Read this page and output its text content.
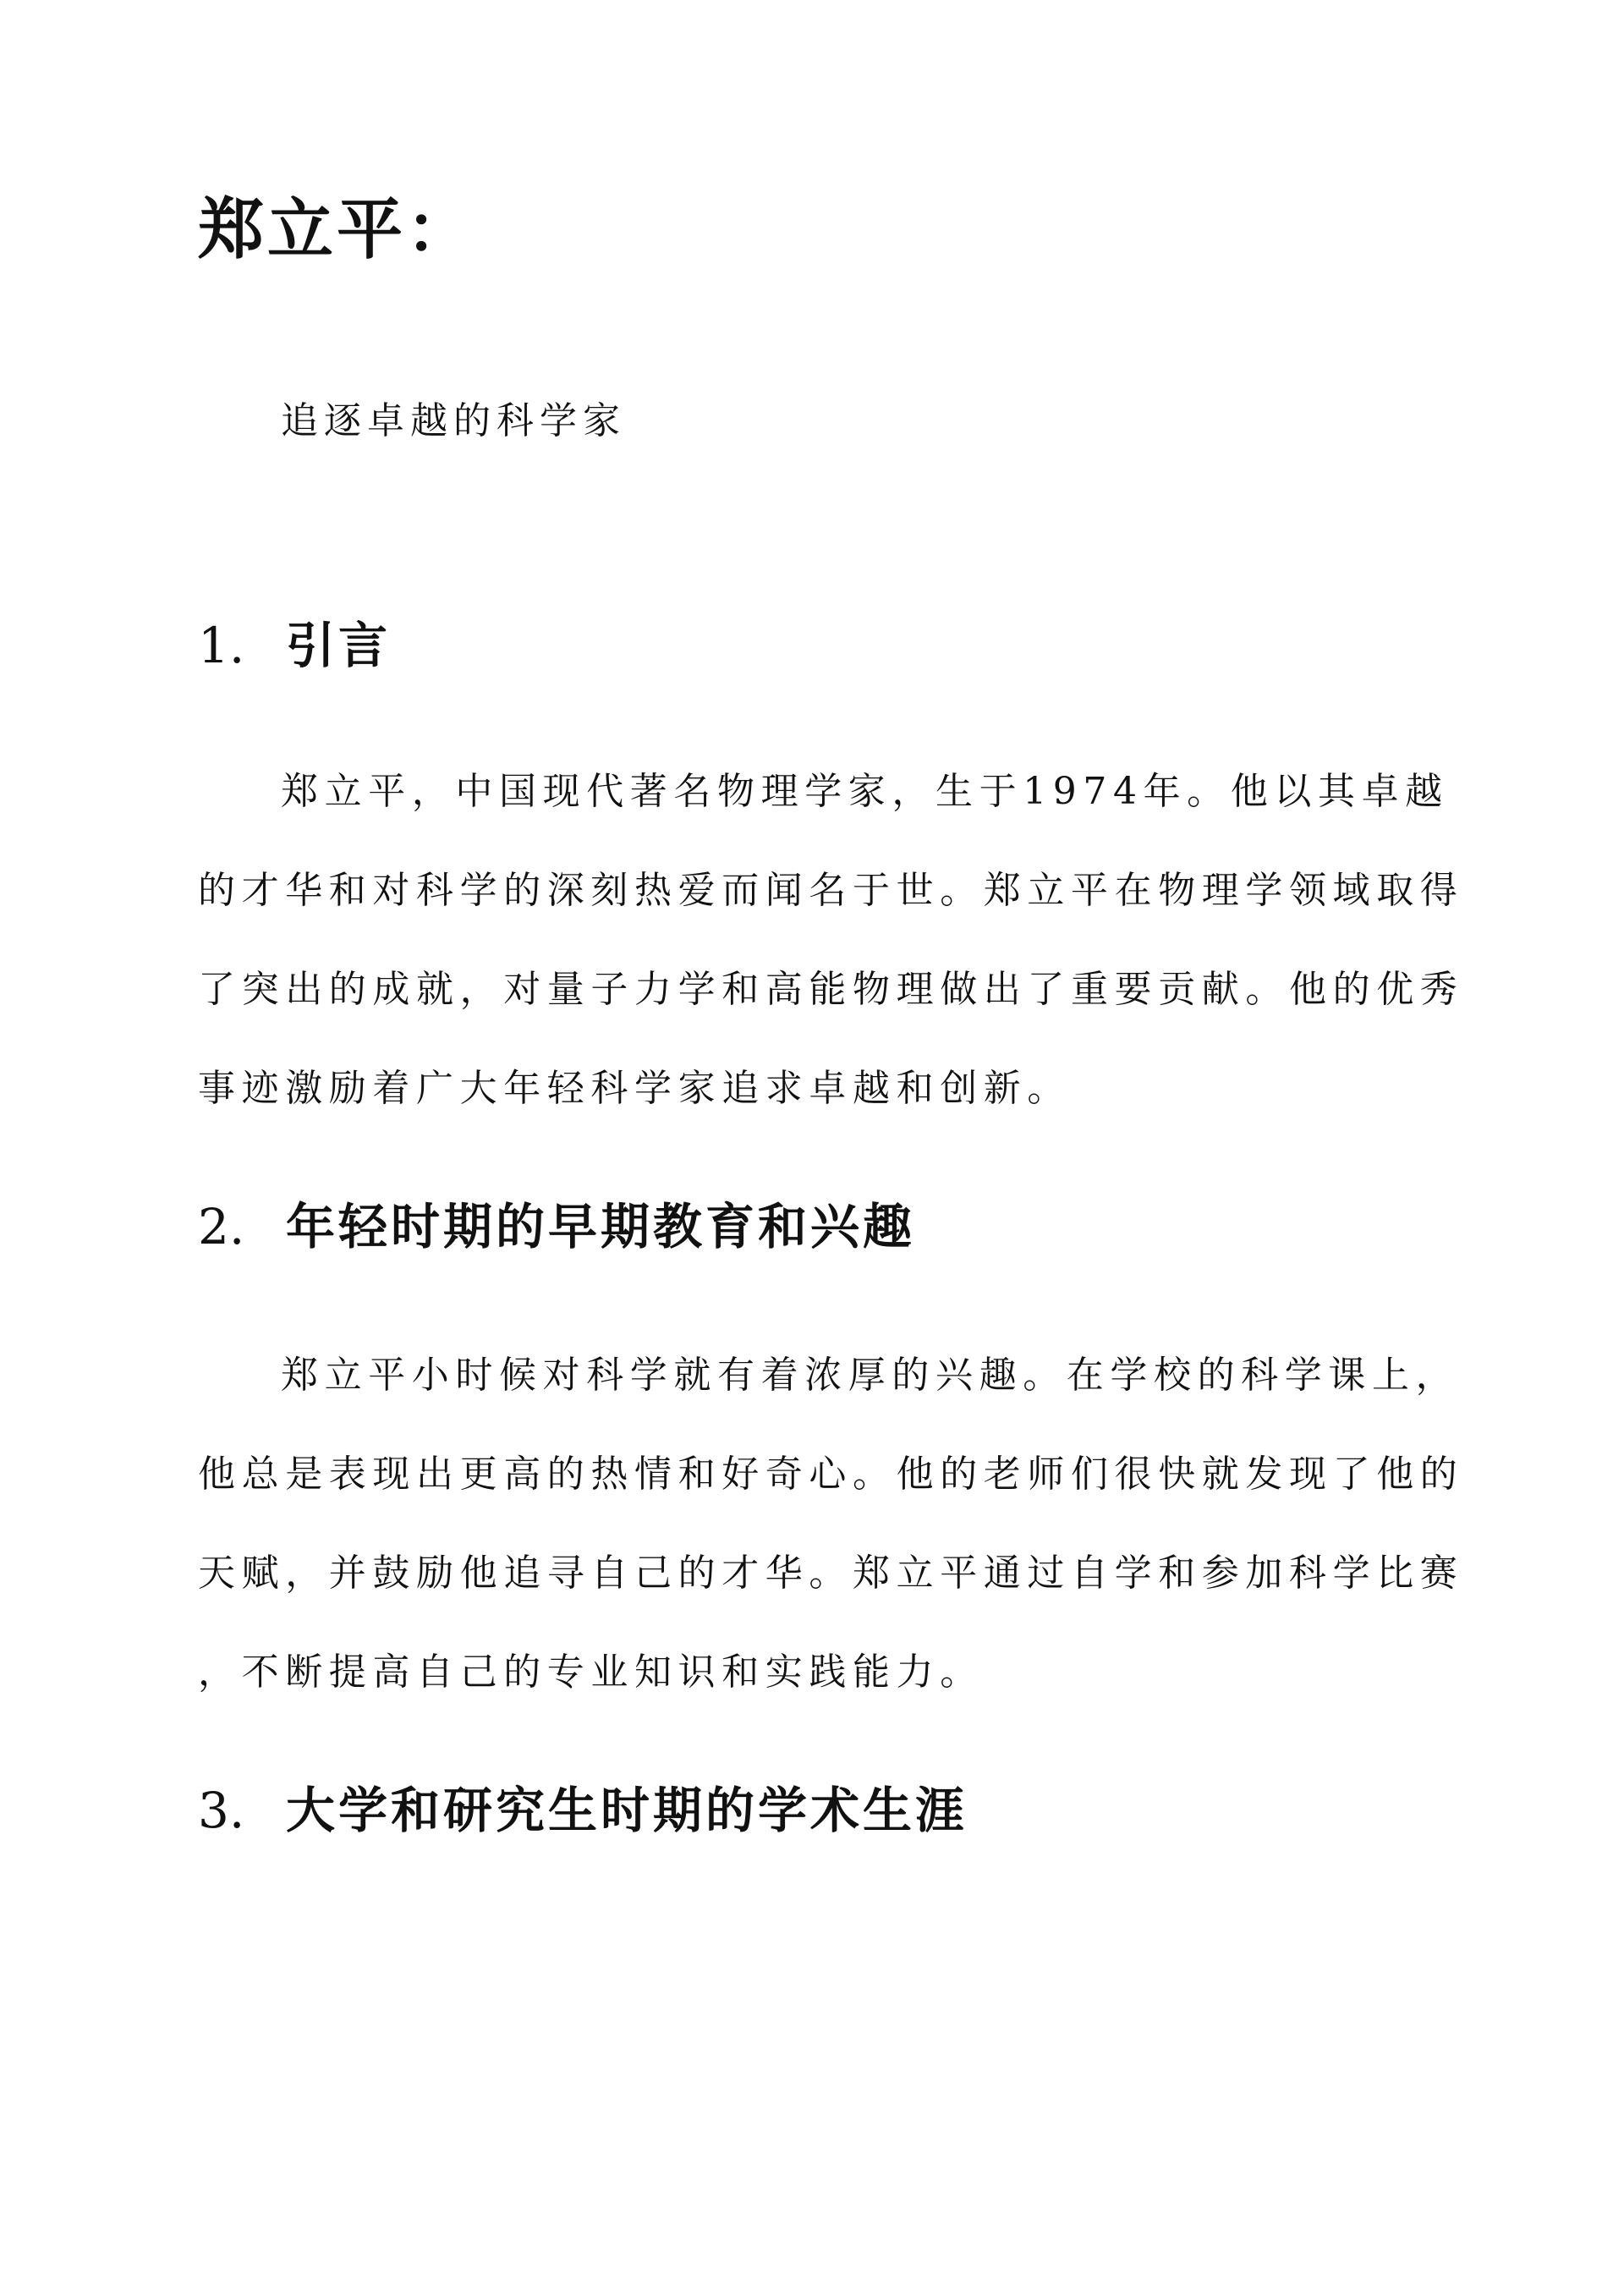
郑立平：

追逐卓越的科学家

1. 引言
郑立平，中国现代著名物理学家，生于1974年。他以其卓越
的才华和对科学的深刻热爱而闻名于世。郑立平在物理学领域取得
了突出的成就，对量子力学和高能物理做出了重要贡献。他的优秀
事迹激励着广大年轻科学家追求卓越和创新。
2. 年轻时期的早期教育和兴趣
郑立平小时候对科学就有着浓厚的兴趣。在学校的科学课上，
他总是表现出更高的热情和好奇心。他的老师们很快就发现了他的
天赋，并鼓励他追寻自己的才华。郑立平通过自学和参加科学比赛
，不断提高自己的专业知识和实践能力。
3. 大学和研究生时期的学术生涯
